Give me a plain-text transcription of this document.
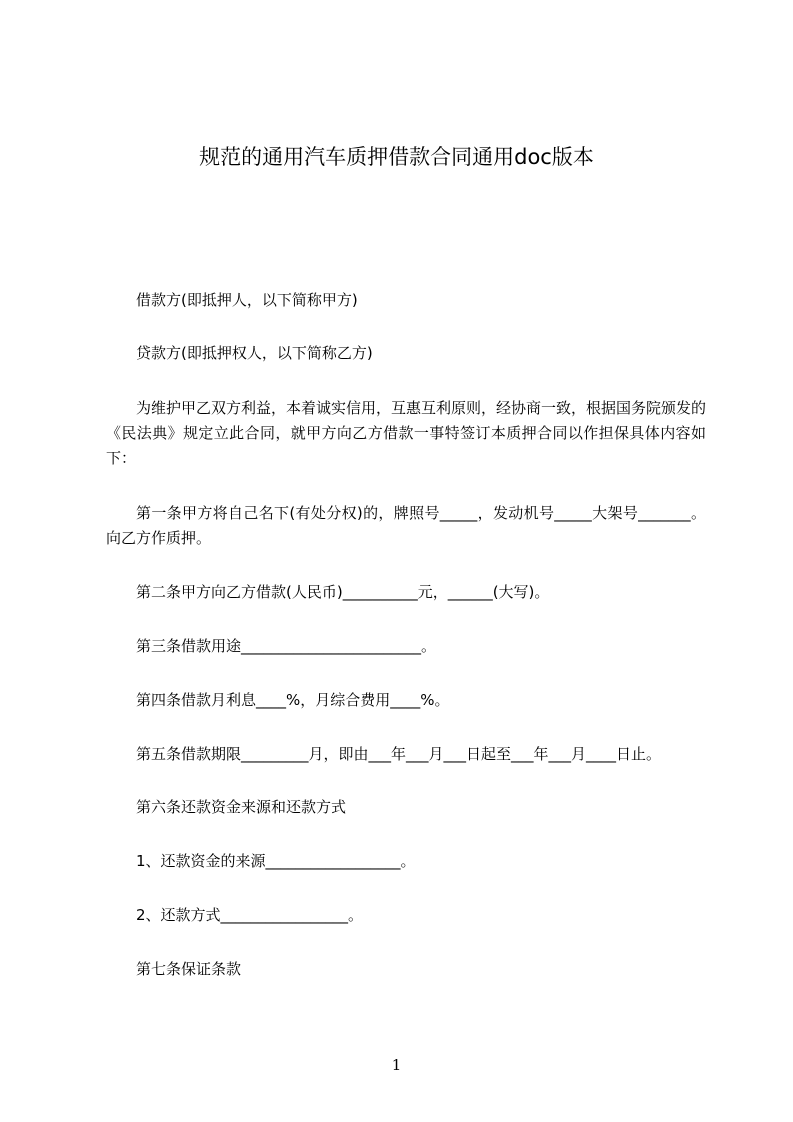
规范的通用汽车质押借款合同通用doc版本
借款方(即抵押人，以下简称甲方)
贷款方(即抵押权人，以下简称乙方)
为维护甲乙双方利益，本着诚实信用，互惠互利原则，经协商一致，根据国务院颁发的《民法典》规定立此合同，就甲方向乙方借款一事特签订本质押合同以作担保具体内容如下：
第一条甲方将自己名下(有处分权)的，牌照号_____，发动机号_____大架号_______。向乙方作质押。
第二条甲方向乙方借款(人民币)__________元，______(大写)。
第三条借款用途________________________。
第四条借款月利息____%，月综合费用____%。
第五条借款期限_________月，即由___年___月___日起至___年___月____日止。
第六条还款资金来源和还款方式
1、还款资金的来源__________________。
2、还款方式_________________。
第七条保证条款
1
